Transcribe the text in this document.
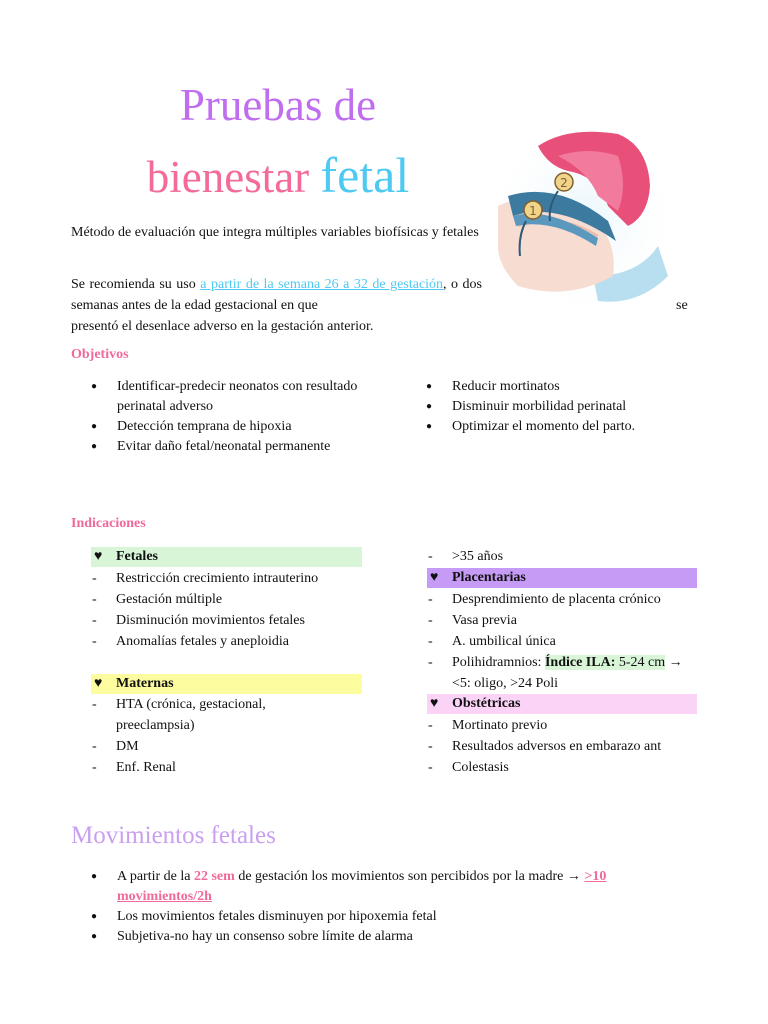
Pruebas de
bienestar fetal
1
2
Método de evaluación que integra múltiples variables biofísicas y fetales
Se recomienda su uso a partir de la semana 26 a 32 de gestación, o dos semanas antes de la edad gestacional en que	se
presentó el desenlace adverso en la gestación anterior.
Objetivos
● Identificar-predecir neonatos con resultado perinatal adverso
● Detección temprana de hipoxia
● Evitar daño fetal/neonatal permanente
● Reducir mortinatos
● Disminuir morbilidad perinatal
● Optimizar el momento del parto.
Indicaciones
♥ Fetales
- Restricción crecimiento intrauterino
- Gestación múltiple
- Disminución movimientos fetales
- Anomalías fetales y aneploidia
♥ Maternas
- HTA (crónica, gestacional, preeclampsia)
- DM
- Enf. Renal
- >35 años
♥ Placentarias
- Desprendimiento de placenta crónico
- Vasa previa
- A. umbilical única
- Polihidramnios: Índice ILA: 5-24 cm → <5: oligo, >24 Poli
♥ Obstétricas
- Mortinato previo
- Resultados adversos en embarazo ant
- Colestasis
Movimientos fetales
● A partir de la 22 sem de gestación los movimientos son percibidos por la madre → >10 movimientos/2h
● Los movimientos fetales disminuyen por hipoxemia fetal
● Subjetiva-no hay un consenso sobre límite de alarma
